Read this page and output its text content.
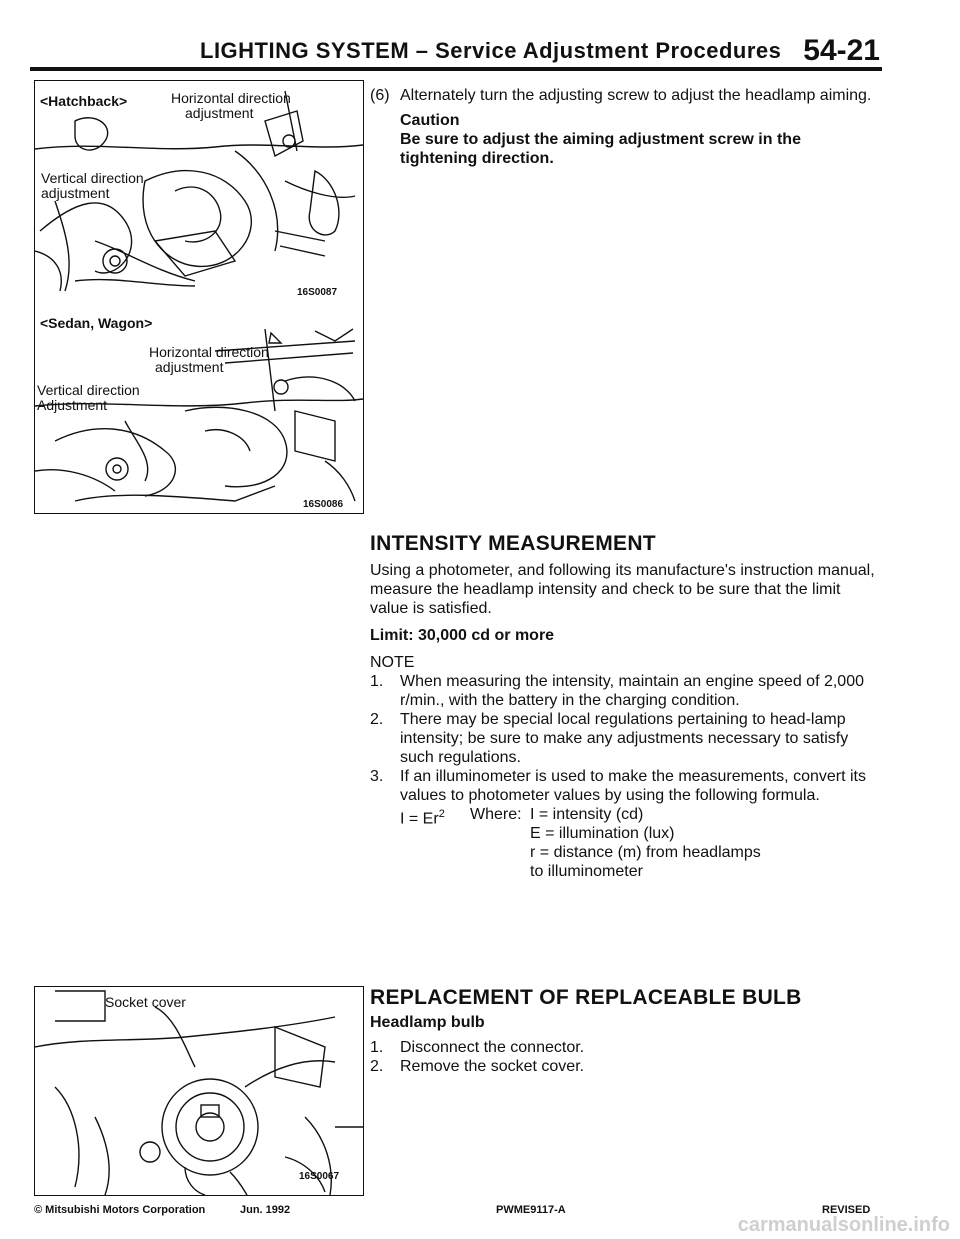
LIGHTING SYSTEM – Service Adjustment Procedures 54-21
<Hatchback>	Horizontal direction
adjustment
Vertical direction
adjustment
16S0087
<Sedan, Wagon>
Horizontal direction
adjustment
Vertical direction
Adjustment
16S0086
Socket cover
16S0067
(6) Alternately turn the adjusting screw to adjust the headlamp aiming.

Caution

Be sure to adjust the aiming adjustment screw in the tightening direction.

INTENSITY MEASUREMENT

Using a photometer, and following its manufacture's instruction manual, measure the headlamp intensity and check to be sure that the limit value is satisfied.

Limit: 30,000 cd or more

NOTE

1. When measuring the intensity, maintain an engine speed of 2,000 r/min., with the battery in the charging condition.

2. There may be special local regulations pertaining to head-lamp intensity; be sure to make any adjustments necessary to satisfy such regulations.

3. If an illuminometer is used to make the measurements, convert its values to photometer values by using the following formula.

$I = Er^2$ Where: I = intensity (cd)
E = illumination (lux)
r = distance (m) from headlamps
to illuminometer

REPLACEMENT OF REPLACEABLE BULB

Headlamp bulb

1. Disconnect the connector.

2. Remove the socket cover.

© Mitsubishi Motors Corporation	Jun. 1992	PWME9117-A	REVISED
carmanualsonline.info
